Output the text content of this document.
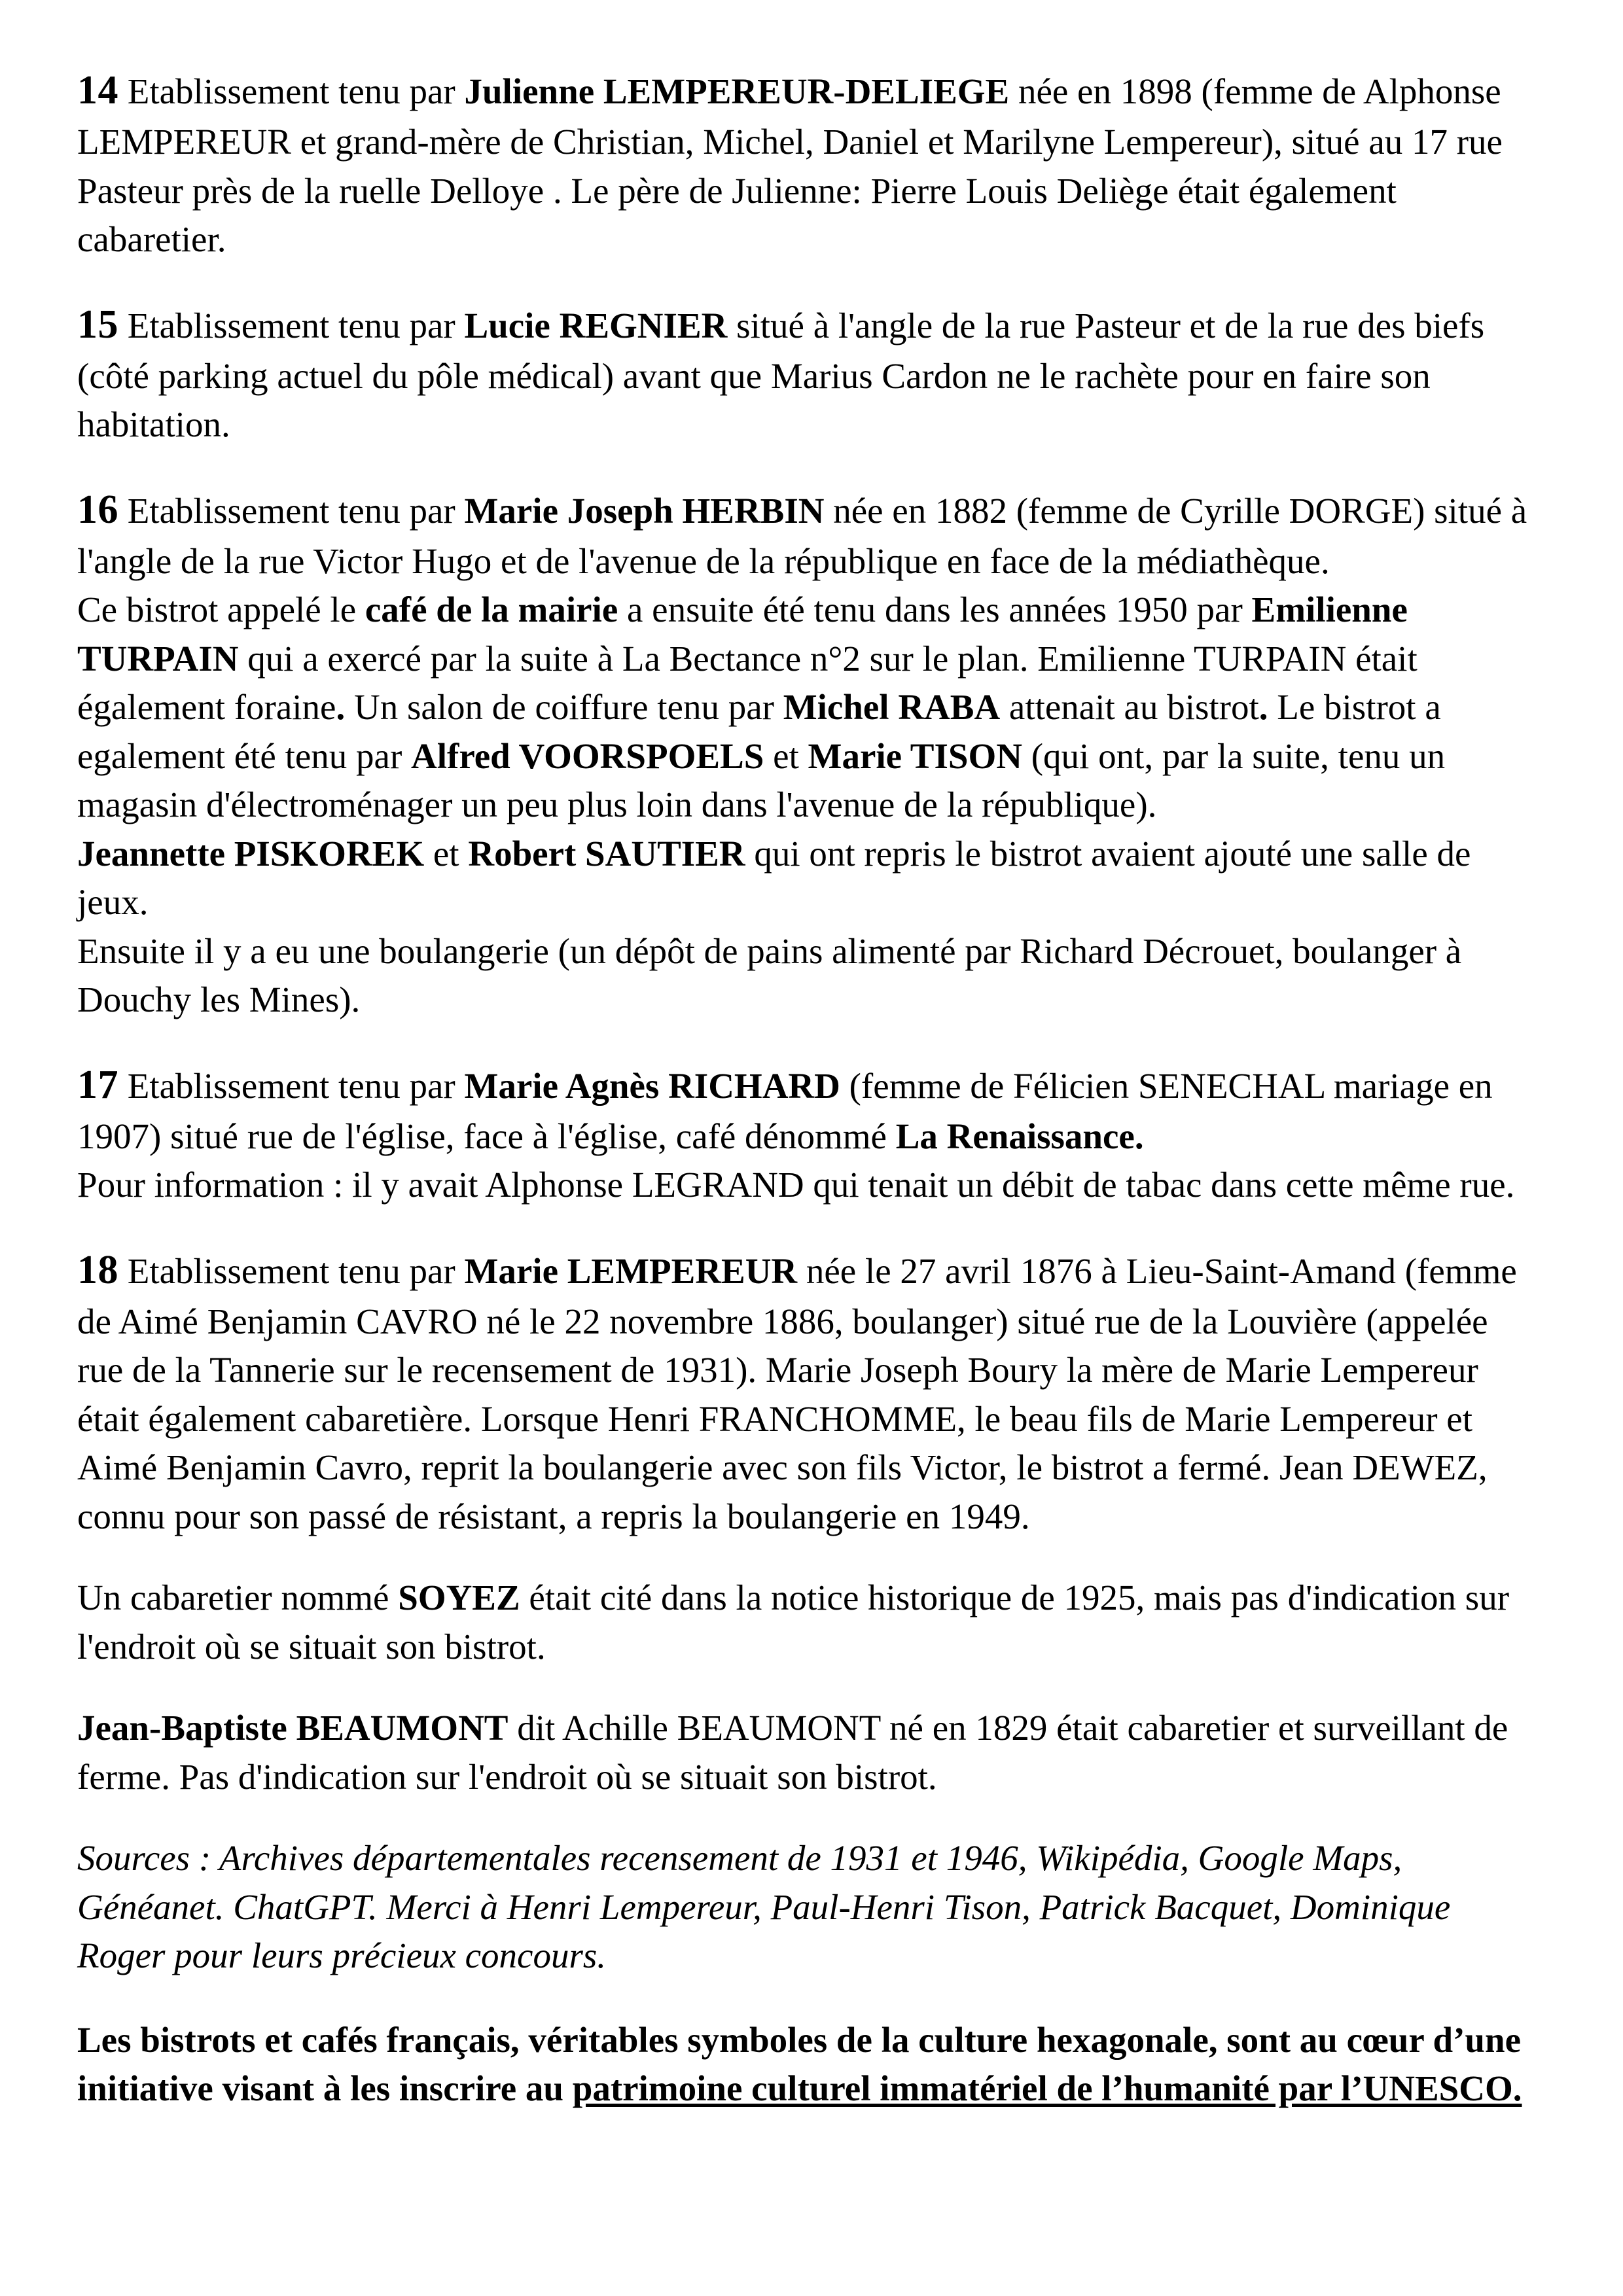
14 Etablissement tenu par Julienne LEMPEREUR-DELIEGE née en 1898 (femme de Alphonse LEMPEREUR et grand-mère de Christian, Michel, Daniel et Marilyne Lempereur), situé au 17 rue Pasteur près de la ruelle Delloye . Le père de Julienne: Pierre Louis Deliège était également cabaretier.

15 Etablissement tenu par Lucie REGNIER situé à l'angle de la rue Pasteur et de la rue des biefs (côté parking actuel du pôle médical) avant que Marius Cardon ne le rachète pour en faire son habitation.

16 Etablissement tenu par Marie Joseph HERBIN née en 1882 (femme de Cyrille DORGE) situé à l'angle de la rue Victor Hugo et de l'avenue de la république en face de la médiathèque.
Ce bistrot appelé le café de la mairie a ensuite été tenu dans les années 1950 par Emilienne TURPAIN qui a exercé par la suite à La Bectance n°2 sur le plan. Emilienne TURPAIN était également foraine. Un salon de coiffure tenu par Michel RABA attenait au bistrot. Le bistrot a egalement été tenu par Alfred VOORSPOELS et Marie TISON (qui ont, par la suite, tenu un magasin d'électroménager un peu plus loin dans l'avenue de la république).
Jeannette PISKOREK et Robert SAUTIER qui ont repris le bistrot avaient ajouté une salle de jeux.
Ensuite il y a eu une boulangerie (un dépôt de pains alimenté par Richard Décrouet, boulanger à Douchy les Mines).

17 Etablissement tenu par Marie Agnès RICHARD (femme de Félicien SENECHAL mariage en 1907) situé rue de l'église, face à l'église, café dénommé La Renaissance.
Pour information : il y avait Alphonse LEGRAND qui tenait un débit de tabac dans cette même rue.

18 Etablissement tenu par Marie LEMPEREUR née le 27 avril 1876 à Lieu-Saint-Amand (femme de Aimé Benjamin CAVRO né le 22 novembre 1886, boulanger) situé rue de la Louvière (appelée rue de la Tannerie sur le recensement de 1931). Marie Joseph Boury la mère de Marie Lempereur était également cabaretière. Lorsque Henri FRANCHOMME, le beau fils de Marie Lempereur et Aimé Benjamin Cavro, reprit la boulangerie avec son fils Victor, le bistrot a fermé. Jean DEWEZ, connu pour son passé de résistant, a repris la boulangerie en 1949.

Un cabaretier nommé SOYEZ était cité dans la notice historique de 1925, mais pas d'indication sur l'endroit où se situait son bistrot.

Jean-Baptiste BEAUMONT dit Achille BEAUMONT né en 1829 était cabaretier et surveillant de ferme. Pas d'indication sur l'endroit où se situait son bistrot.

Sources : Archives départementales recensement de 1931 et 1946, Wikipédia, Google Maps, Généanet. ChatGPT. Merci à Henri Lempereur, Paul-Henri Tison, Patrick Bacquet, Dominique Roger pour leurs précieux concours.

Les bistrots et cafés français, véritables symboles de la culture hexagonale, sont au cœur d’une initiative visant à les inscrire au patrimoine culturel immatériel de l’humanité par l’UNESCO.
